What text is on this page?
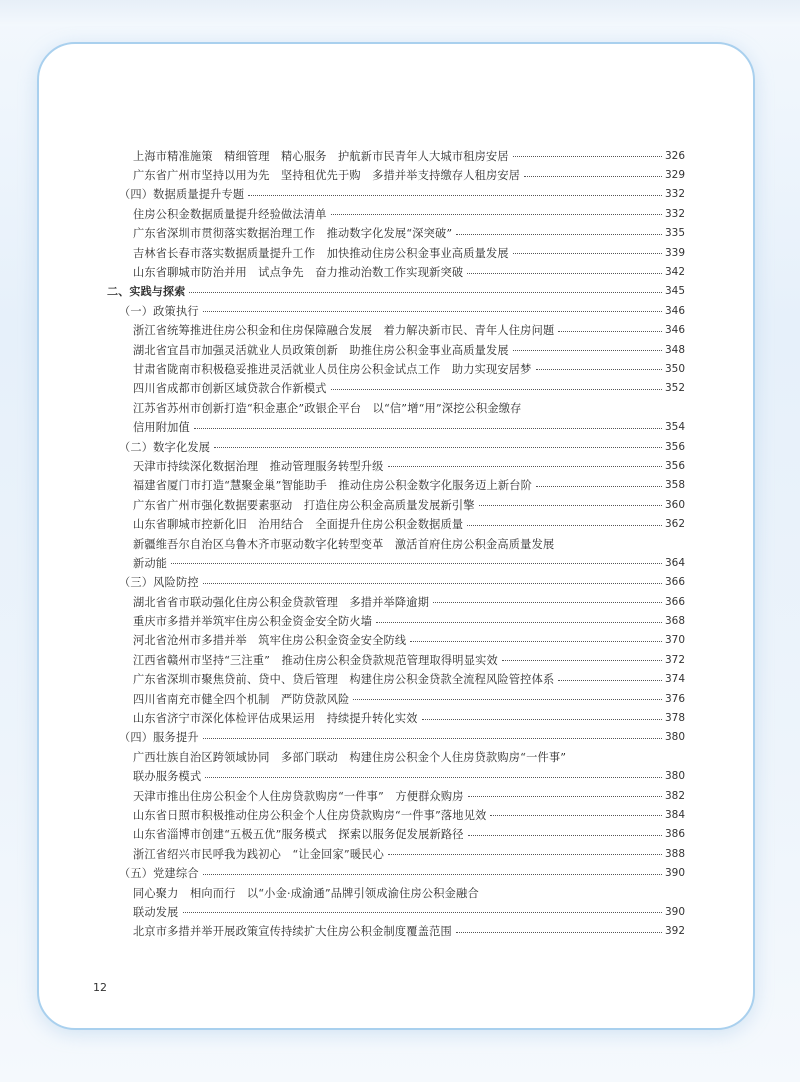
上海市精准施策　精细管理　精心服务　护航新市民青年人大城市租房安居	326
广东省广州市坚持以用为先　坚持租优先于购　多措并举支持缴存人租房安居	329
（四）数据质量提升专题	332
住房公积金数据质量提升经验做法清单	332
广东省深圳市贯彻落实数据治理工作　推动数字化发展“深突破”	335
吉林省长春市落实数据质量提升工作　加快推动住房公积金事业高质量发展	339
山东省聊城市防治并用　试点争先　奋力推动治数工作实现新突破	342
二、实践与探索	345
（一）政策执行	346
浙江省统筹推进住房公积金和住房保障融合发展　着力解决新市民、青年人住房问题	346
湖北省宜昌市加强灵活就业人员政策创新　助推住房公积金事业高质量发展	348
甘肃省陇南市积极稳妥推进灵活就业人员住房公积金试点工作　助力实现安居梦	350
四川省成都市创新区域贷款合作新模式	352
江苏省苏州市创新打造“积金惠企”政银企平台　以“信”增“用”深挖公积金缴存
信用附加值	354
（二）数字化发展	356
天津市持续深化数据治理　推动管理服务转型升级	356
福建省厦门市打造“慧聚金巢”智能助手　推动住房公积金数字化服务迈上新台阶	358
广东省广州市强化数据要素驱动　打造住房公积金高质量发展新引擎	360
山东省聊城市控新化旧　治用结合　全面提升住房公积金数据质量	362
新疆维吾尔自治区乌鲁木齐市驱动数字化转型变革　激活首府住房公积金高质量发展
新动能	364
（三）风险防控	366
湖北省省市联动强化住房公积金贷款管理　多措并举降逾期	366
重庆市多措并举筑牢住房公积金资金安全防火墙	368
河北省沧州市多措并举　筑牢住房公积金资金安全防线	370
江西省赣州市坚持“三注重”　推动住房公积金贷款规范管理取得明显实效	372
广东省深圳市聚焦贷前、贷中、贷后管理　构建住房公积金贷款全流程风险管控体系	374
四川省南充市健全四个机制　严防贷款风险	376
山东省济宁市深化体检评估成果运用　持续提升转化实效	378
（四）服务提升	380
广西壮族自治区跨领域协同　多部门联动　构建住房公积金个人住房贷款购房“一件事”
联办服务模式	380
天津市推出住房公积金个人住房贷款购房“一件事”　方便群众购房	382
山东省日照市积极推动住房公积金个人住房贷款购房“一件事”落地见效	384
山东省淄博市创建“五极五优”服务模式　探索以服务促发展新路径	386
浙江省绍兴市民呼我为践初心　“让金回家”暖民心	388
（五）党建综合	390
同心聚力　相向而行　以“小金·成渝通”品牌引领成渝住房公积金融合
联动发展	390
北京市多措并举开展政策宣传持续扩大住房公积金制度覆盖范围	392
12
